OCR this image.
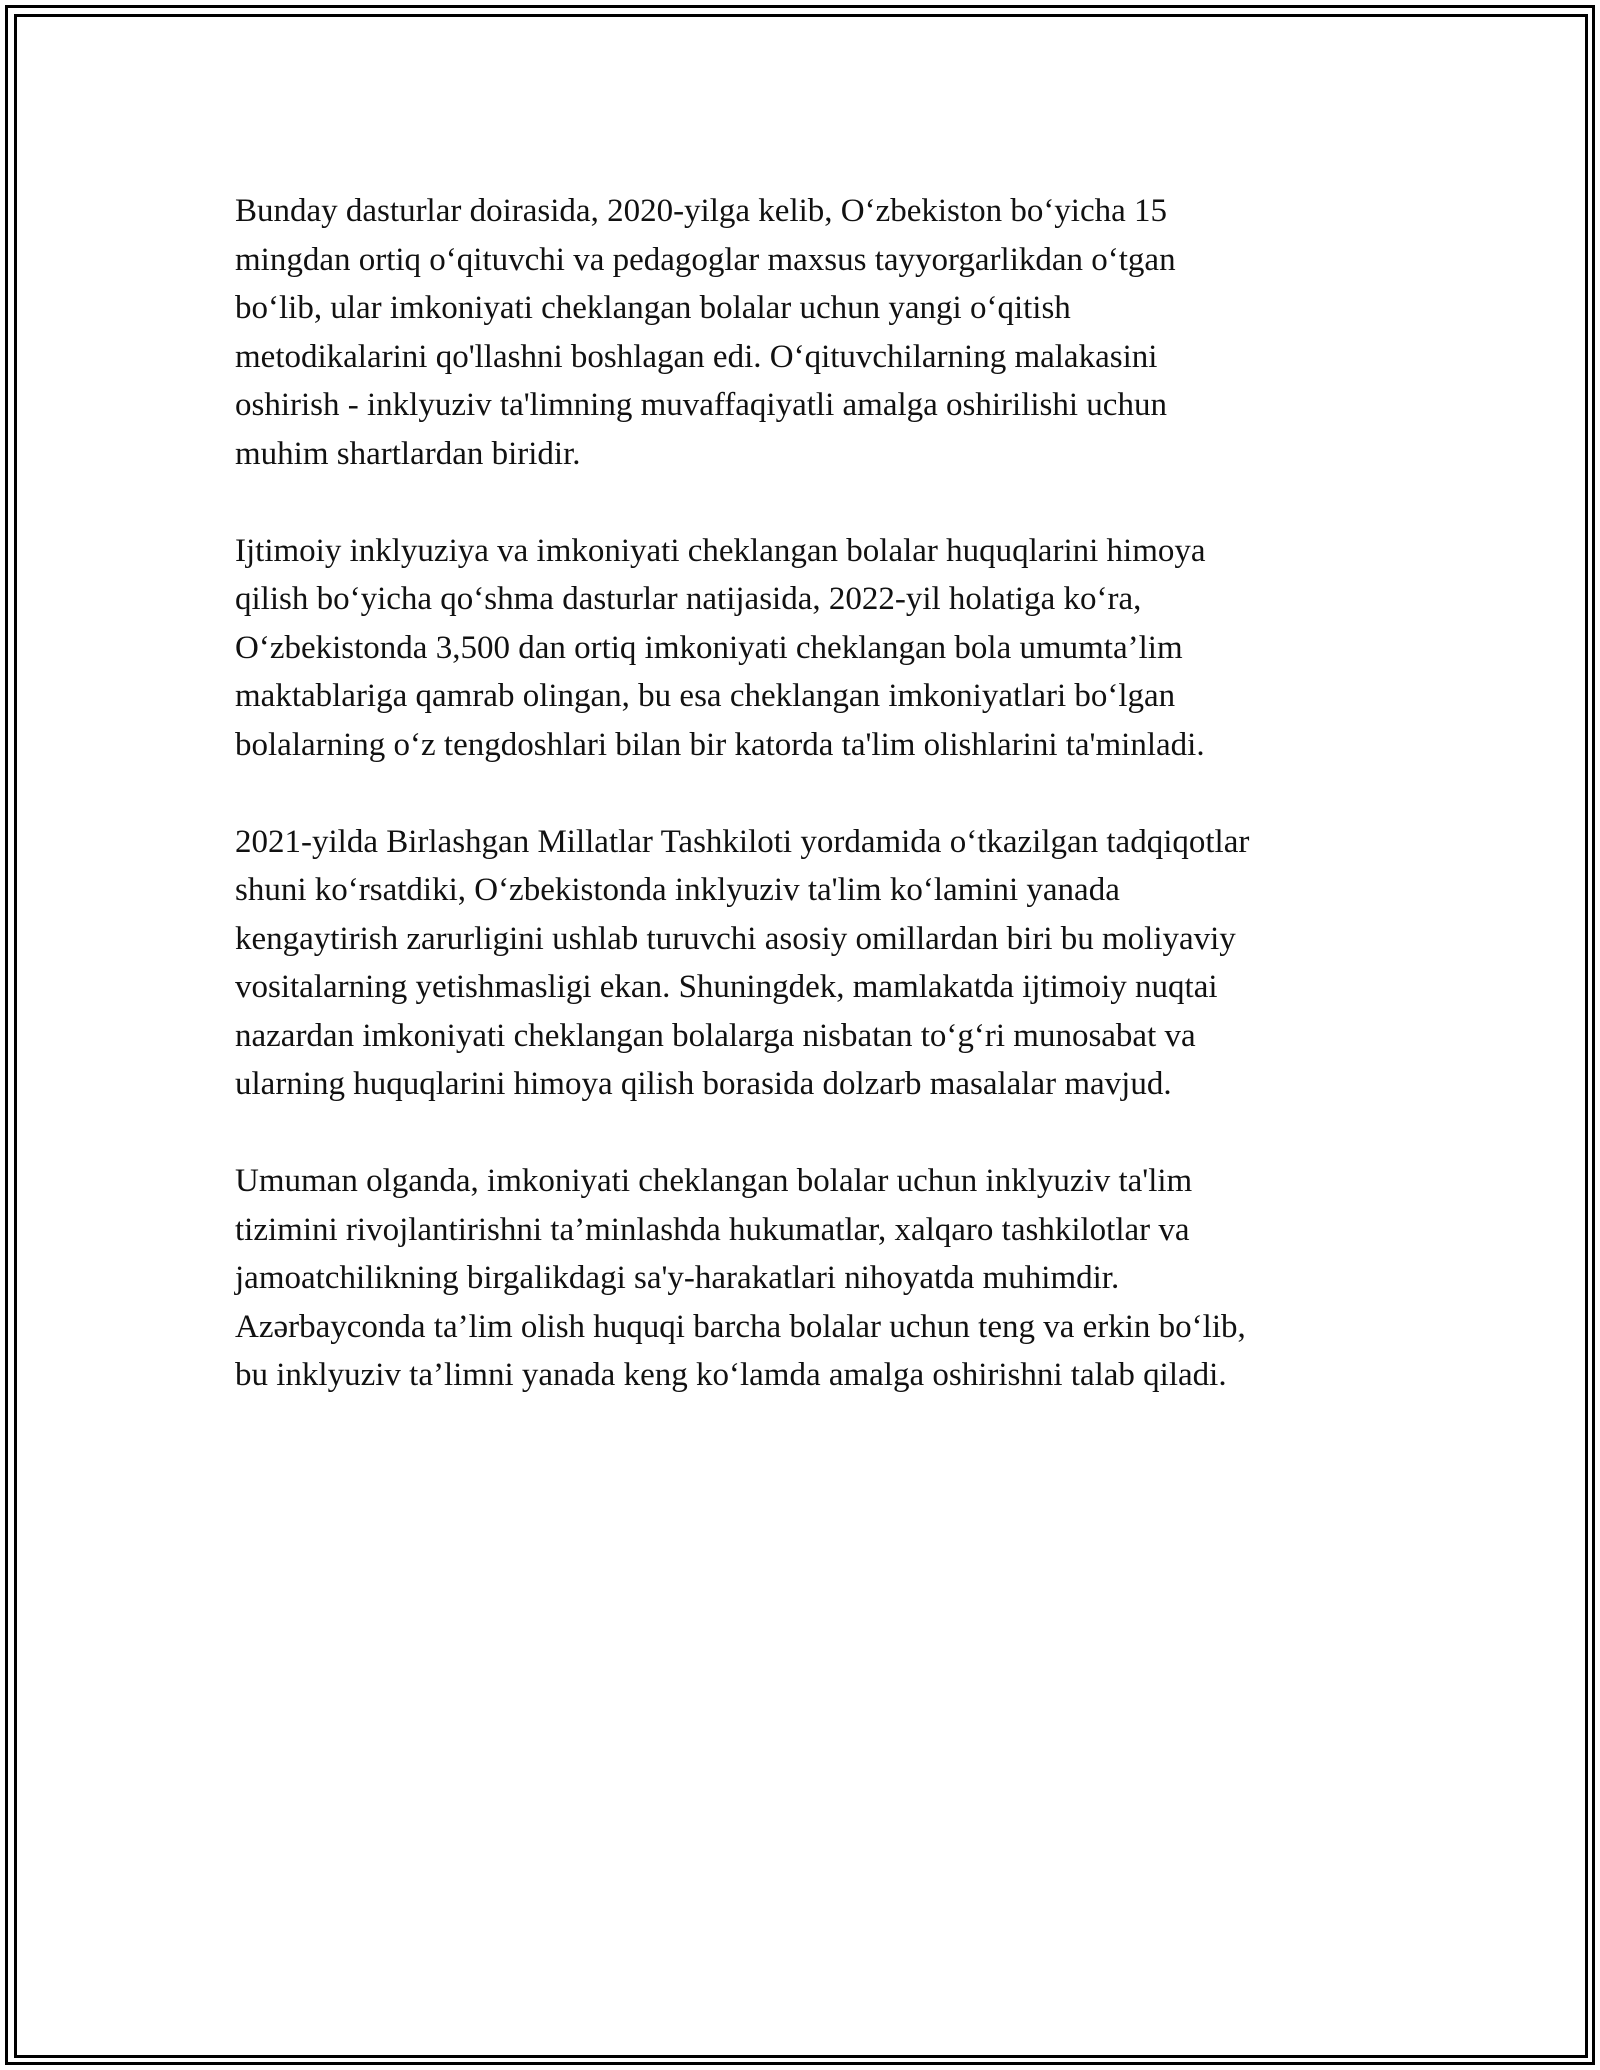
Bunday dasturlar doirasida, 2020-yilga kelib, O‘zbekiston bo‘yicha 15
mingdan ortiq o‘qituvchi va pedagoglar maxsus tayyorgarlikdan o‘tgan
bo‘lib, ular imkoniyati cheklangan bolalar uchun yangi o‘qitish
metodikalarini qo'llashni boshlagan edi. O‘qituvchilarning malakasini
oshirish - inklyuziv ta'limning muvaffaqiyatli amalga oshirilishi uchun
muhim shartlardan biridir.

Ijtimoiy inklyuziya va imkoniyati cheklangan bolalar huquqlarini himoya
qilish bo‘yicha qo‘shma dasturlar natijasida, 2022-yil holatiga ko‘ra,
O‘zbekistonda 3,500 dan ortiq imkoniyati cheklangan bola umumta’lim
maktablariga qamrab olingan, bu esa cheklangan imkoniyatlari bo‘lgan
bolalarning o‘z tengdoshlari bilan bir katorda ta'lim olishlarini ta'minladi.

2021-yilda Birlashgan Millatlar Tashkiloti yordamida o‘tkazilgan tadqiqotlar
shuni ko‘rsatdiki, O‘zbekistonda inklyuziv ta'lim ko‘lamini yanada
kengaytirish zarurligini ushlab turuvchi asosiy omillardan biri bu moliyaviy
vositalarning yetishmasligi ekan. Shuningdek, mamlakatda ijtimoiy nuqtai
nazardan imkoniyati cheklangan bolalarga nisbatan to‘g‘ri munosabat va
ularning huquqlarini himoya qilish borasida dolzarb masalalar mavjud.

Umuman olganda, imkoniyati cheklangan bolalar uchun inklyuziv ta'lim
tizimini rivojlantirishni ta’minlashda hukumatlar, xalqaro tashkilotlar va
jamoatchilikning birgalikdagi sa'y-harakatlari nihoyatda muhimdir.
Azərbayconda ta’lim olish huquqi barcha bolalar uchun teng va erkin bo‘lib,
bu inklyuziv ta’limni yanada keng ko‘lamda amalga oshirishni talab qiladi.
